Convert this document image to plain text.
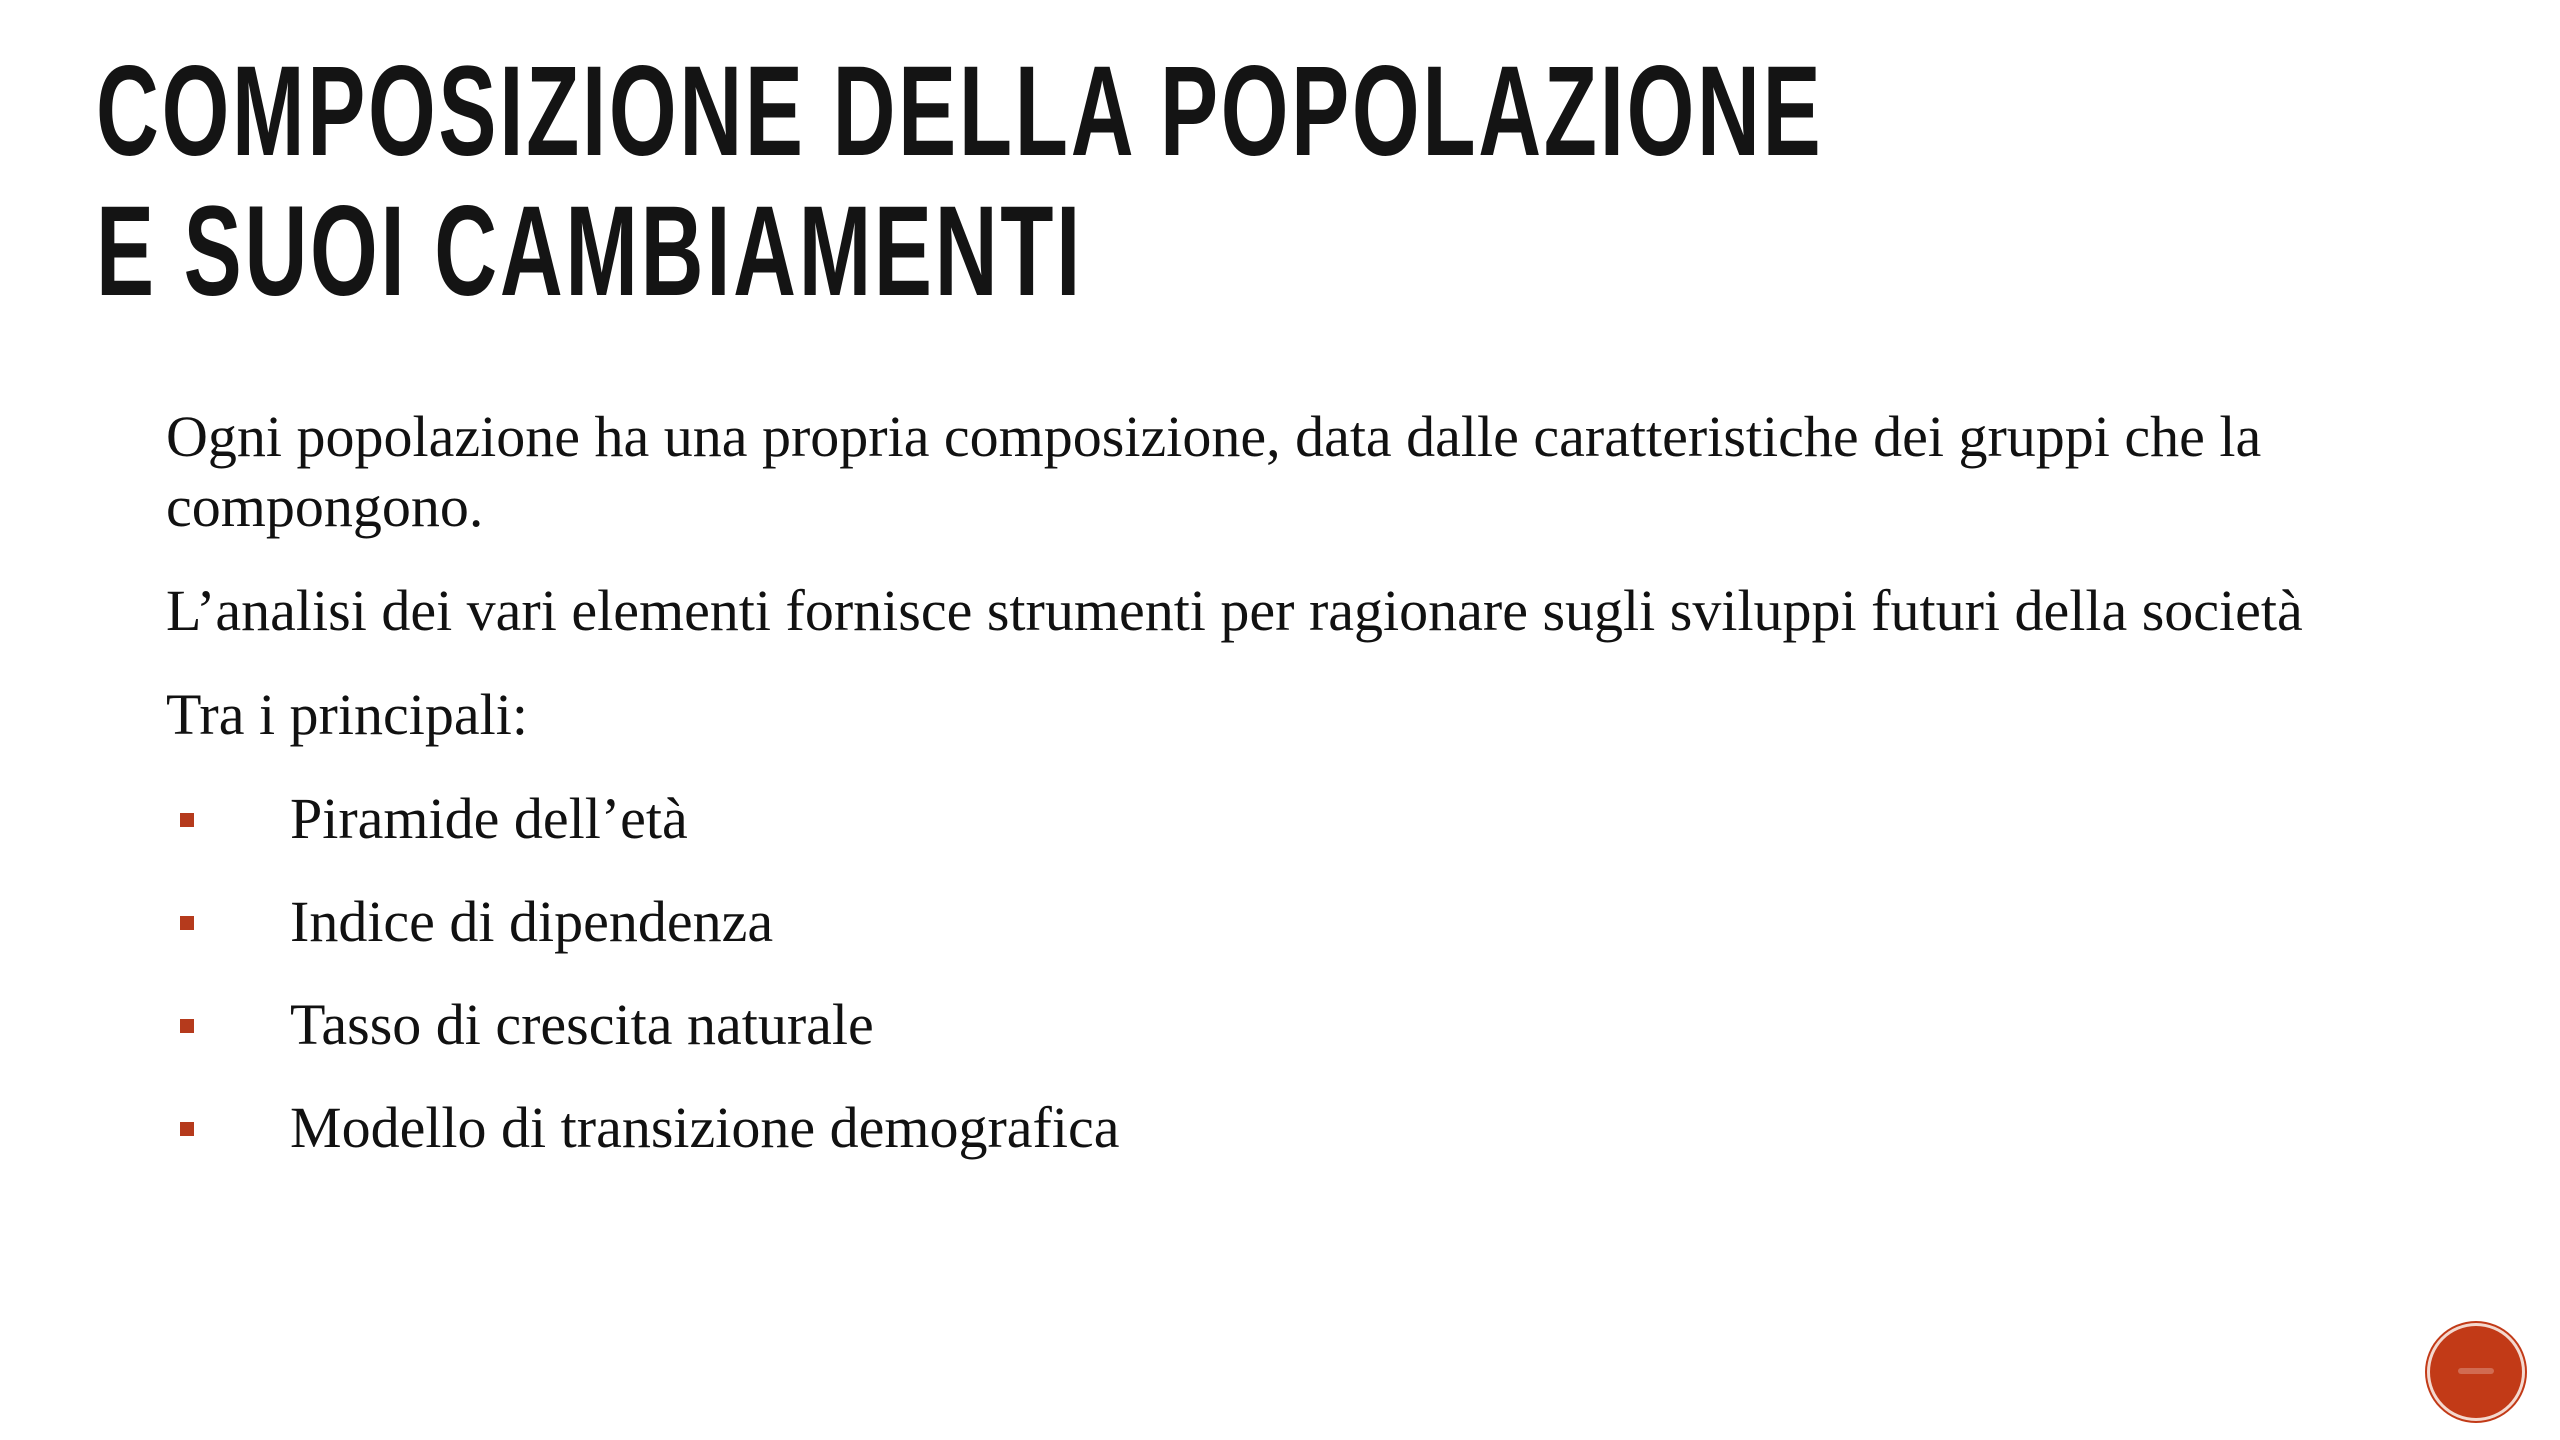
COMPOSIZIONE DELLA POPOLAZIONE
E SUOI CAMBIAMENTI

Ogni popolazione ha una propria composizione, data dalle caratteristiche dei gruppi che la compongono.

L’analisi dei vari elementi fornisce strumenti per ragionare sugli sviluppi futuri della società

Tra i principali:

Piramide dell’età
Indice di dipendenza
Tasso di crescita naturale
Modello di transizione demografica
